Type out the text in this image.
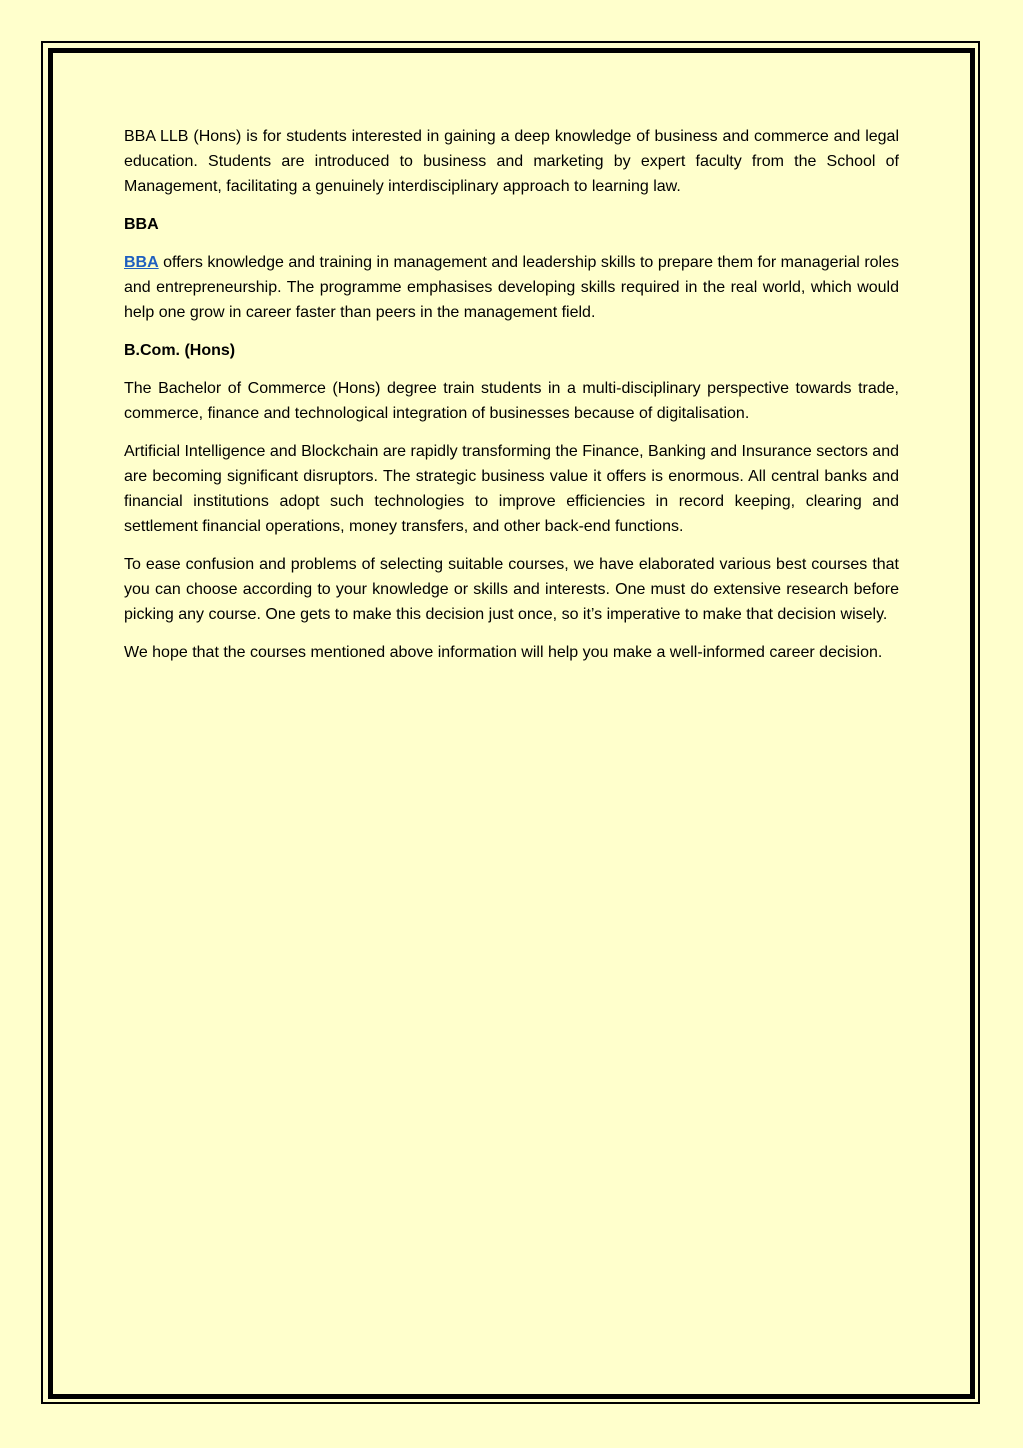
BBA LLB (Hons) is for students interested in gaining a deep knowledge of business and commerce and legal education. Students are introduced to business and marketing by expert faculty from the School of Management, facilitating a genuinely interdisciplinary approach to learning law.

BBA

BBA offers knowledge and training in management and leadership skills to prepare them for managerial roles and entrepreneurship. The programme emphasises developing skills required in the real world, which would help one grow in career faster than peers in the management field.

B.Com. (Hons)

The Bachelor of Commerce (Hons) degree train students in a multi-disciplinary perspective towards trade, commerce, finance and technological integration of businesses because of digitalisation.

Artificial Intelligence and Blockchain are rapidly transforming the Finance, Banking and Insurance sectors and are becoming significant disruptors. The strategic business value it offers is enormous. All central banks and financial institutions adopt such technologies to improve efficiencies in record keeping, clearing and settlement financial operations, money transfers, and other back-end functions.

To ease confusion and problems of selecting suitable courses, we have elaborated various best courses that you can choose according to your knowledge or skills and interests. One must do extensive research before picking any course. One gets to make this decision just once, so it’s imperative to make that decision wisely.

We hope that the courses mentioned above information will help you make a well-informed career decision.
